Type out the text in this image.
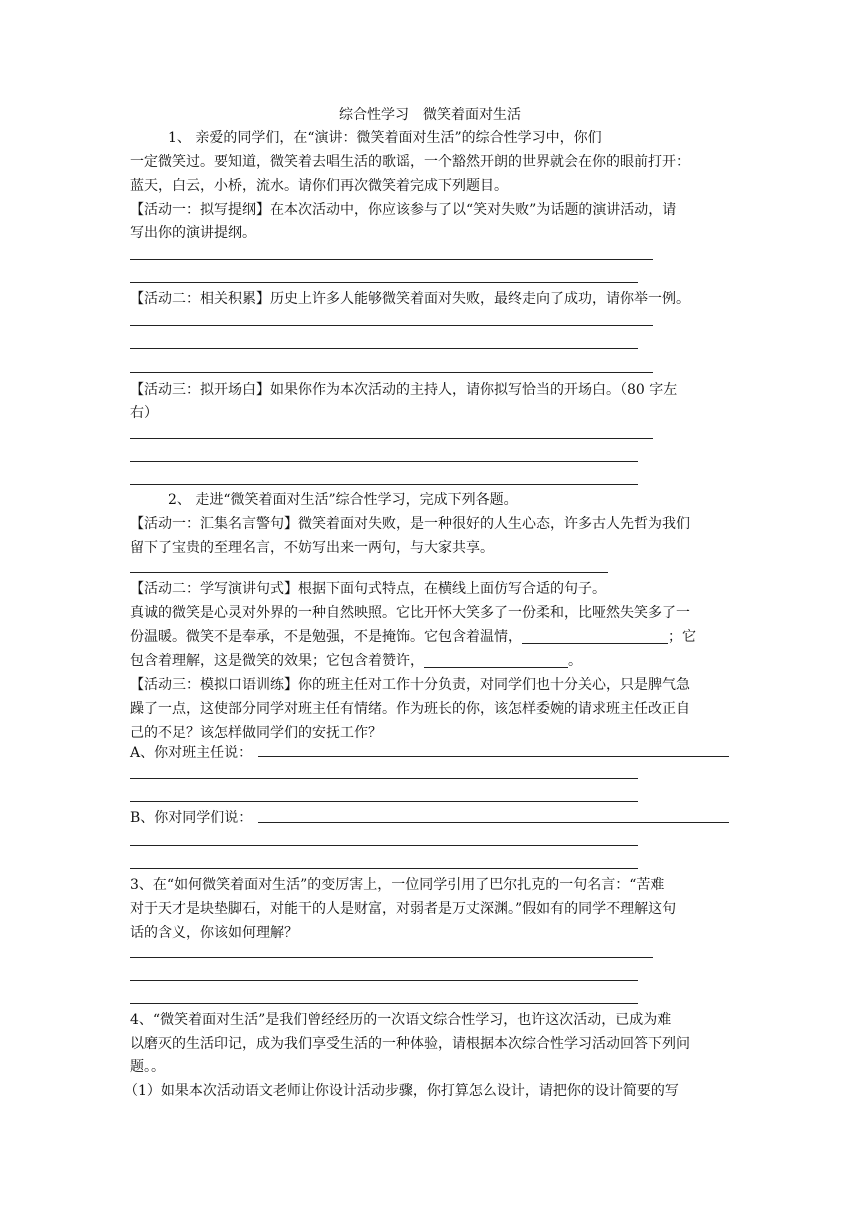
综合性学习　微笑着面对生活
1、 亲爱的同学们，在“演讲：微笑着面对生活”的综合性学习中，你们
一定微笑过。要知道，微笑着去唱生活的歌谣，一个豁然开朗的世界就会在你的眼前打开：
蓝天，白云，小桥，流水。请你们再次微笑着完成下列题目。
【活动一：拟写提纲】在本次活动中，你应该参与了以“笑对失败”为话题的演讲活动，请
写出你的演讲提纲。
【活动二：相关积累】历史上许多人能够微笑着面对失败，最终走向了成功，请你举一例。
【活动三：拟开场白】如果你作为本次活动的主持人，请你拟写恰当的开场白。（80 字左
右）
2、 走进“微笑着面对生活”综合性学习，完成下列各题。
【活动一：汇集名言警句】微笑着面对失败，是一种很好的人生心态，许多古人先哲为我们
留下了宝贵的至理名言，不妨写出来一两句，与大家共享。
【活动二：学写演讲句式】根据下面句式特点，在横线上面仿写合适的句子。
真诚的微笑是心灵对外界的一种自然映照。它比开怀大笑多了一份柔和，比哑然失笑多了一
份温暖。微笑不是奉承，不是勉强，不是掩饰。它包含着温情，	；它
包含着理解，这是微笑的效果；它包含着赞许，	。
【活动三：模拟口语训练】你的班主任对工作十分负责，对同学们也十分关心，只是脾气急
躁了一点，这使部分同学对班主任有情绪。作为班长的你，该怎样委婉的请求班主任改正自
己的不足？该怎样做同学们的安抚工作？
A、你对班主任说：
B、你对同学们说：
3、在“如何微笑着面对生活”的变厉害上，一位同学引用了巴尔扎克的一句名言：“苦难
对于天才是块垫脚石，对能干的人是财富，对弱者是万丈深渊。”假如有的同学不理解这句
话的含义，你该如何理解？
4、“微笑着面对生活”是我们曾经经历的一次语文综合性学习，也许这次活动，已成为难
以磨灭的生活印记，成为我们享受生活的一种体验，请根据本次综合性学习活动回答下列问
题。。
（1）如果本次活动语文老师让你设计活动步骤，你打算怎么设计，请把你的设计简要的写
